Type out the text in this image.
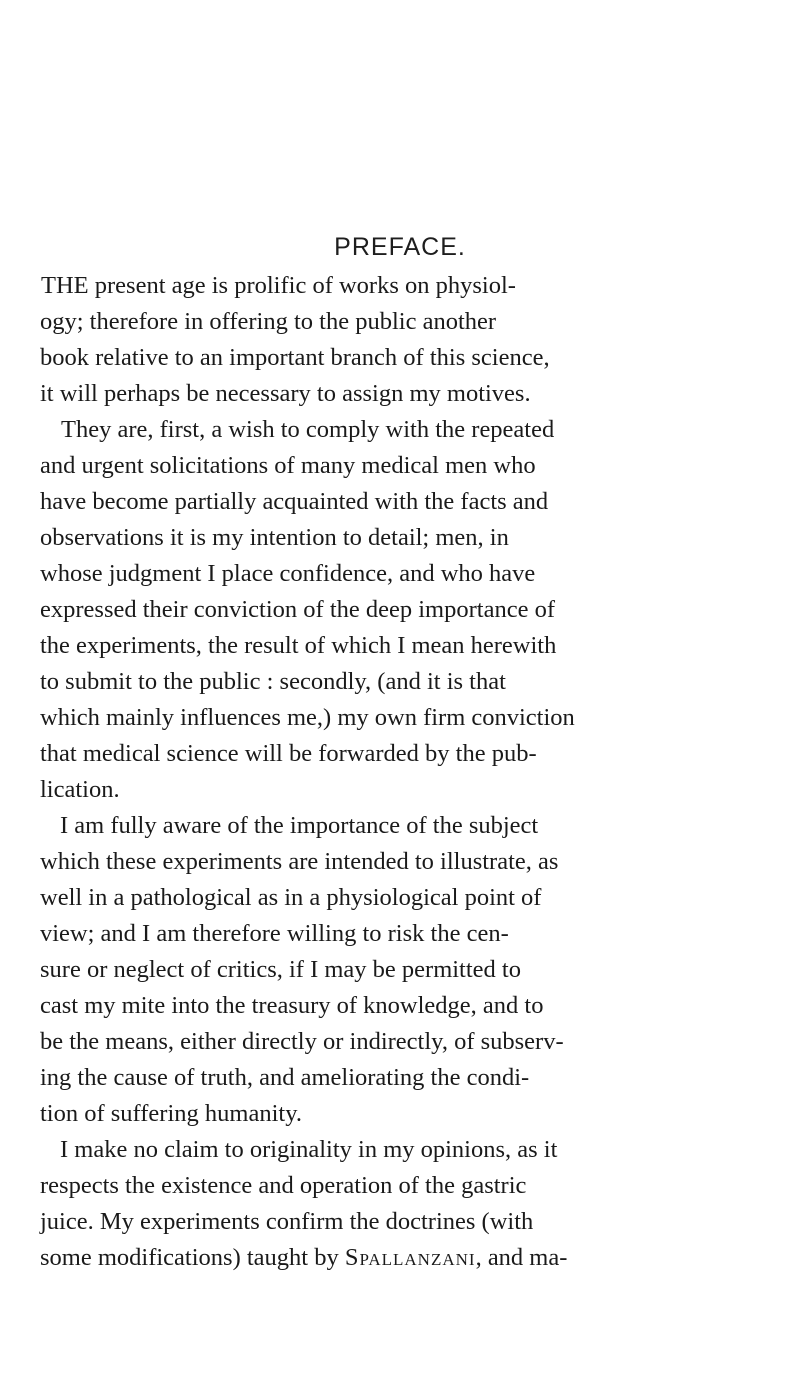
PREFACE.
THE present age is prolific of works on physiol-
ogy; therefore in offering to the public another
book relative to an important branch of this science,
it will perhaps be necessary to assign my motives.
They are, first, a wish to comply with the repeated
and urgent solicitations of many medical men who
have become partially acquainted with the facts and
observations it is my intention to detail; men, in
whose judgment I place confidence, and who have
expressed their conviction of the deep importance of
the experiments, the result of which I mean herewith
to submit to the public : secondly, (and it is that
which mainly influences me,) my own firm conviction
that medical science will be forwarded by the pub-
lication.
I am fully aware of the importance of the subject
which these experiments are intended to illustrate, as
well in a pathological as in a physiological point of
view; and I am therefore willing to risk the cen-
sure or neglect of critics, if I may be permitted to
cast my mite into the treasury of knowledge, and to
be the means, either directly or indirectly, of subserv-
ing the cause of truth, and ameliorating the condi-
tion of suffering humanity.
I make no claim to originality in my opinions, as it
respects the existence and operation of the gastric
juice. My experiments confirm the doctrines (with
some modifications) taught by Spallanzani, and ma-
